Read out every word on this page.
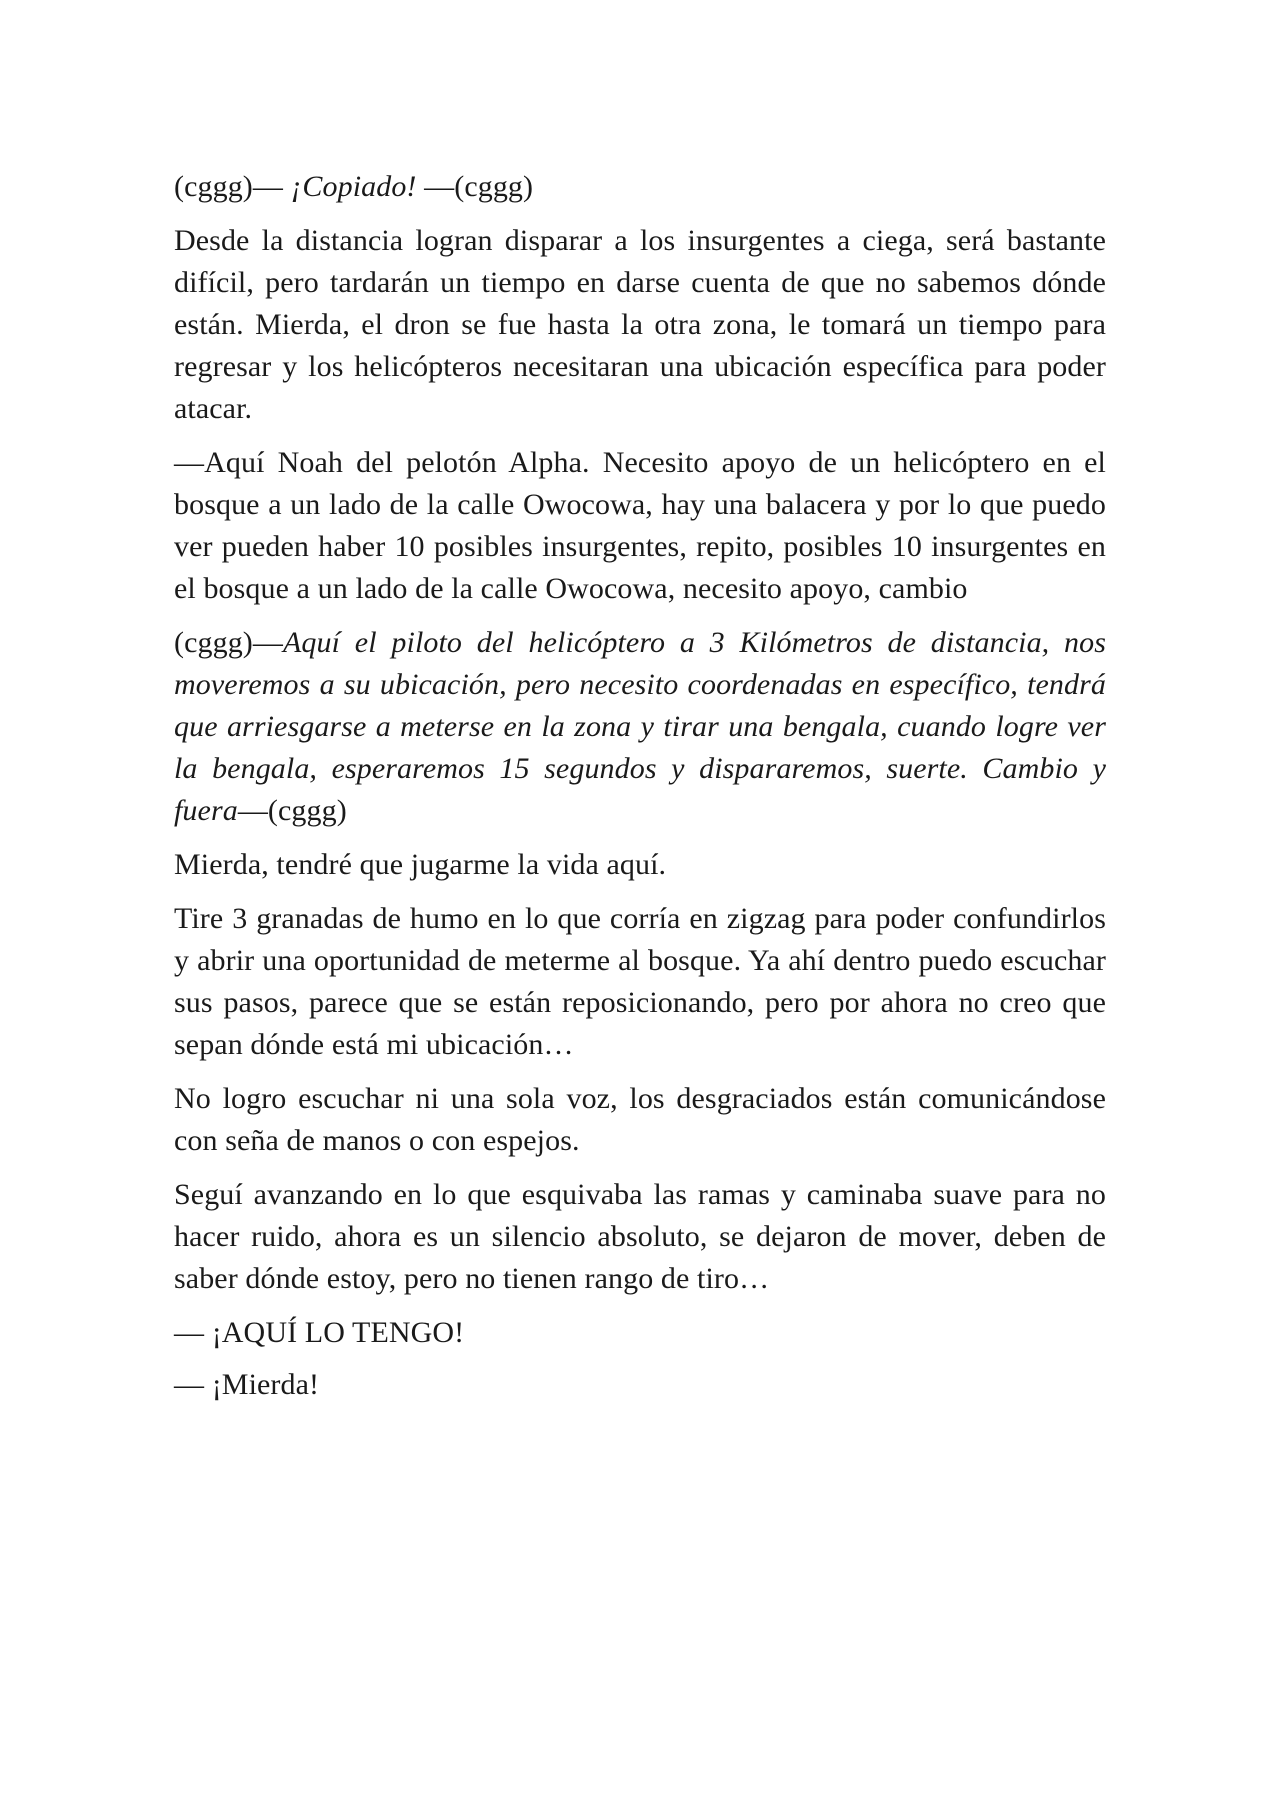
(cggg)— ¡Copiado! —(cggg)

Desde la distancia logran disparar a los insurgentes a ciega, será bastante difícil, pero tardarán un tiempo en darse cuenta de que no sabemos dónde están. Mierda, el dron se fue hasta la otra zona, le tomará un tiempo para regresar y los helicópteros necesitaran una ubicación específica para poder atacar.

—Aquí Noah del pelotón Alpha. Necesito apoyo de un helicóptero en el bosque a un lado de la calle Owocowa, hay una balacera y por lo que puedo ver pueden haber 10 posibles insurgentes, repito, posibles 10 insurgentes en el bosque a un lado de la calle Owocowa, necesito apoyo, cambio

(cggg)—Aquí el piloto del helicóptero a 3 Kilómetros de distancia, nos moveremos a su ubicación, pero necesito coordenadas en específico, tendrá que arriesgarse a meterse en la zona y tirar una bengala, cuando logre ver la bengala, esperaremos 15 segundos y dispararemos, suerte. Cambio y fuera—(cggg)

Mierda, tendré que jugarme la vida aquí.

Tire 3 granadas de humo en lo que corría en zigzag para poder confundirlos y abrir una oportunidad de meterme al bosque. Ya ahí dentro puedo escuchar sus pasos, parece que se están reposicionando, pero por ahora no creo que sepan dónde está mi ubicación…

No logro escuchar ni una sola voz, los desgraciados están comunicándose con seña de manos o con espejos.

Seguí avanzando en lo que esquivaba las ramas y caminaba suave para no hacer ruido, ahora es un silencio absoluto, se dejaron de mover, deben de saber dónde estoy, pero no tienen rango de tiro…

— ¡AQUÍ LO TENGO!

— ¡Mierda!
